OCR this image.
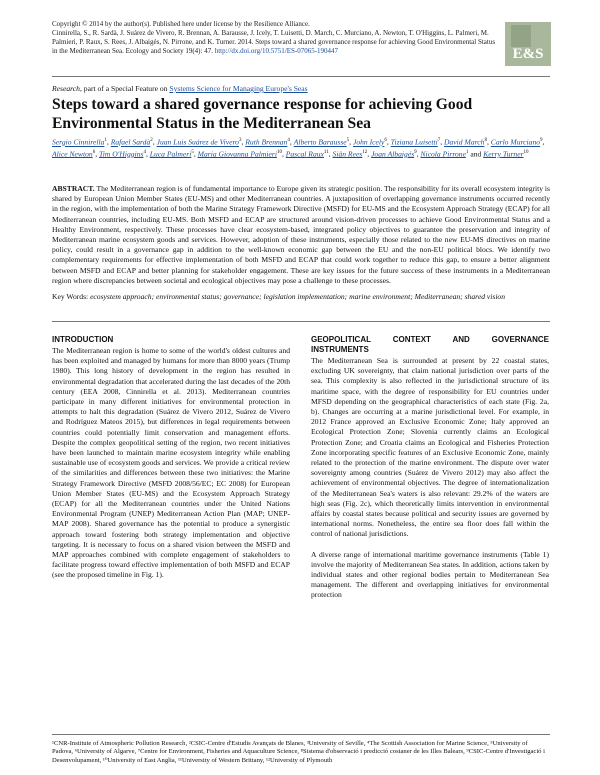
Copyright © 2014 by the author(s). Published here under license by the Resilience Alliance.

Cinnirella, S., R. Sardà, J. Suárez de Vivero, R. Brennan, A. Barausse, J. Icely, T. Luisetti, D. March, C. Murciano, A. Newton, T. O'Higgins, L. Palmeri, M. Palmieri, P. Raux, S. Rees, J. Albaigés, N. Pirrone, and K. Turner. 2014. Steps toward a shared governance response for achieving Good Environmental Status in the Mediterranean Sea. Ecology and Society 19(4): 47. http://dx.doi.org/10.5751/ES-07065-190447	E&S
Research, part of a Special Feature on Systems Science for Managing Europe's Seas
Steps toward a shared governance response for achieving Good Environmental Status in the Mediterranean Sea
Sergio Cinnirella$^1$, Rafael Sardà$^2$, Juan Luis Suárez de Vivero$^3$, Ruth Brennan$^4$, Alberto Barausse$^5$, John Icely$^6$, Tiziana Luisetti$^7$, David March$^8$, Carlo Murciano$^9$, Alice Newton$^6$, Tim O'Higgins$^4$, Luca Palmeri$^5$, Maria Giovanna Palmieri$^{10}$, Pascal Raux$^{11}$, Siân Rees$^{12}$, Joan Albaigés$^9$, Nicola Pirrone$^1$ and Kerry Turner$^{10}$

ABSTRACT. The Mediterranean region is of fundamental importance to Europe given its strategic position. The responsibility for its overall ecosystem integrity is shared by European Union Member States (EU-MS) and other Mediterranean countries. A juxtaposition of overlapping governance instruments occurred recently in the region, with the implementation of both the Marine Strategy Framework Directive (MSFD) for EU-MS and the Ecosystem Approach Strategy (ECAP) for all Mediterranean countries, including EU-MS. Both MSFD and ECAP are structured around vision-driven processes to achieve Good Environmental Status and a Healthy Environment, respectively. These processes have clear ecosystem-based, integrated policy objectives to guarantee the preservation and integrity of Mediterranean marine ecosystem goods and services. However, adoption of these instruments, especially those related to the new EU-MS directives on marine policy, could result in a governance gap in addition to the well-known economic gap between the EU and the non-EU political blocs. We identify two complementary requirements for effective implementation of both MSFD and ECAP that could work together to reduce this gap, to ensure a better alignment between MSFD and ECAP and better planning for stakeholder engagement. These are key issues for the future success of these instruments in a Mediterranean region where discrepancies between societal and ecological objectives may pose a challenge to these processes.

Key Words: ecosystem approach; environmental status; governance; legislation implementation; marine environment; Mediterranean; shared vision

INTRODUCTION

The Mediterranean region is home to some of the world's oldest cultures and has been exploited and managed by humans for more than 8000 years (Trump 1980). This long history of development in the region has resulted in environmental degradation that accelerated during the last decades of the 20th century (EEA 2008, Cinnirella et al. 2013). Mediterranean countries participate in many different initiatives for environmental protection in attempts to halt this degradation (Suárez de Vivero 2012, Suárez de Vivero and Rodríguez Mateos 2015), but differences in legal requirements between countries could potentially limit conservation and management efforts. Despite the complex geopolitical setting of the region, two recent initiatives have been launched to maintain marine ecosystem integrity while enabling sustainable use of ecosystem goods and services. We provide a critical review of the similarities and differences between these two initiatives: the Marine Strategy Framework Directive (MSFD 2008/56/EC; EC 2008) for European Union Member States (EU-MS) and the Ecosystem Approach Strategy (ECAP) for all the Mediterranean countries under the United Nations Environmental Program (UNEP) Mediterranean Action Plan (MAP; UNEP-MAP 2008). Shared governance has the potential to produce a synergistic approach toward fostering both strategy implementation and objective targeting. It is necessary to focus on a shared vision between the MSFD and MAP approaches combined with complete engagement of stakeholders to facilitate progress toward effective implementation of both MSFD and ECAP (see the proposed timeline in Fig. 1).

GEOPOLITICAL CONTEXT AND GOVERNANCE INSTRUMENTS

The Mediterranean Sea is surrounded at present by 22 coastal states, excluding UK sovereignty, that claim national jurisdiction over parts of the sea. This complexity is also reflected in the jurisdictional structure of its maritime space, with the degree of responsibility for EU countries under MFSD depending on the geographical characteristics of each state (Fig. 2a, b). Changes are occurring at a marine jurisdictional level. For example, in 2012 France approved an Exclusive Economic Zone; Italy approved an Ecological Protection Zone; Slovenia currently claims an Ecological Protection Zone; and Croatia claims an Ecological and Fisheries Protection Zone incorporating specific features of an Exclusive Economic Zone, mainly related to the protection of the marine environment. The dispute over water sovereignty among countries (Suárez de Vivero 2012) may also affect the achievement of environmental objectives. The degree of internationalization of the Mediterranean Sea's waters is also relevant: 29.2% of the waters are high seas (Fig. 2c), which theoretically limits intervention in environmental affairs by coastal states because political and security issues are governed by international norms. Nonetheless, the entire sea floor does fall within the control of national jurisdictions.

A diverse range of international maritime governance instruments (Table 1) involve the majority of Mediterranean Sea states. In addition, actions taken by individual states and other regional bodies pertain to Mediterranean Sea management. The different and overlapping initiatives for environmental protection

¹CNR-Institute of Atmospheric Pollution Research, ²CSIC-Centre d'Estudis Avançats de Blanes, ³University of Seville, ⁴The Scottish Association for Marine Science, ⁵University of Padova, ⁶University of Algarve, ⁷Centre for Environment, Fisheries and Aquaculture Science, ⁸Sistema d'observació i predicció costaner de les Illes Balears, ⁹CSIC-Centre d'Investigació i Desenvolupament, ¹⁰University of East Anglia, ¹¹University of Western Brittany, ¹²University of Plymouth
